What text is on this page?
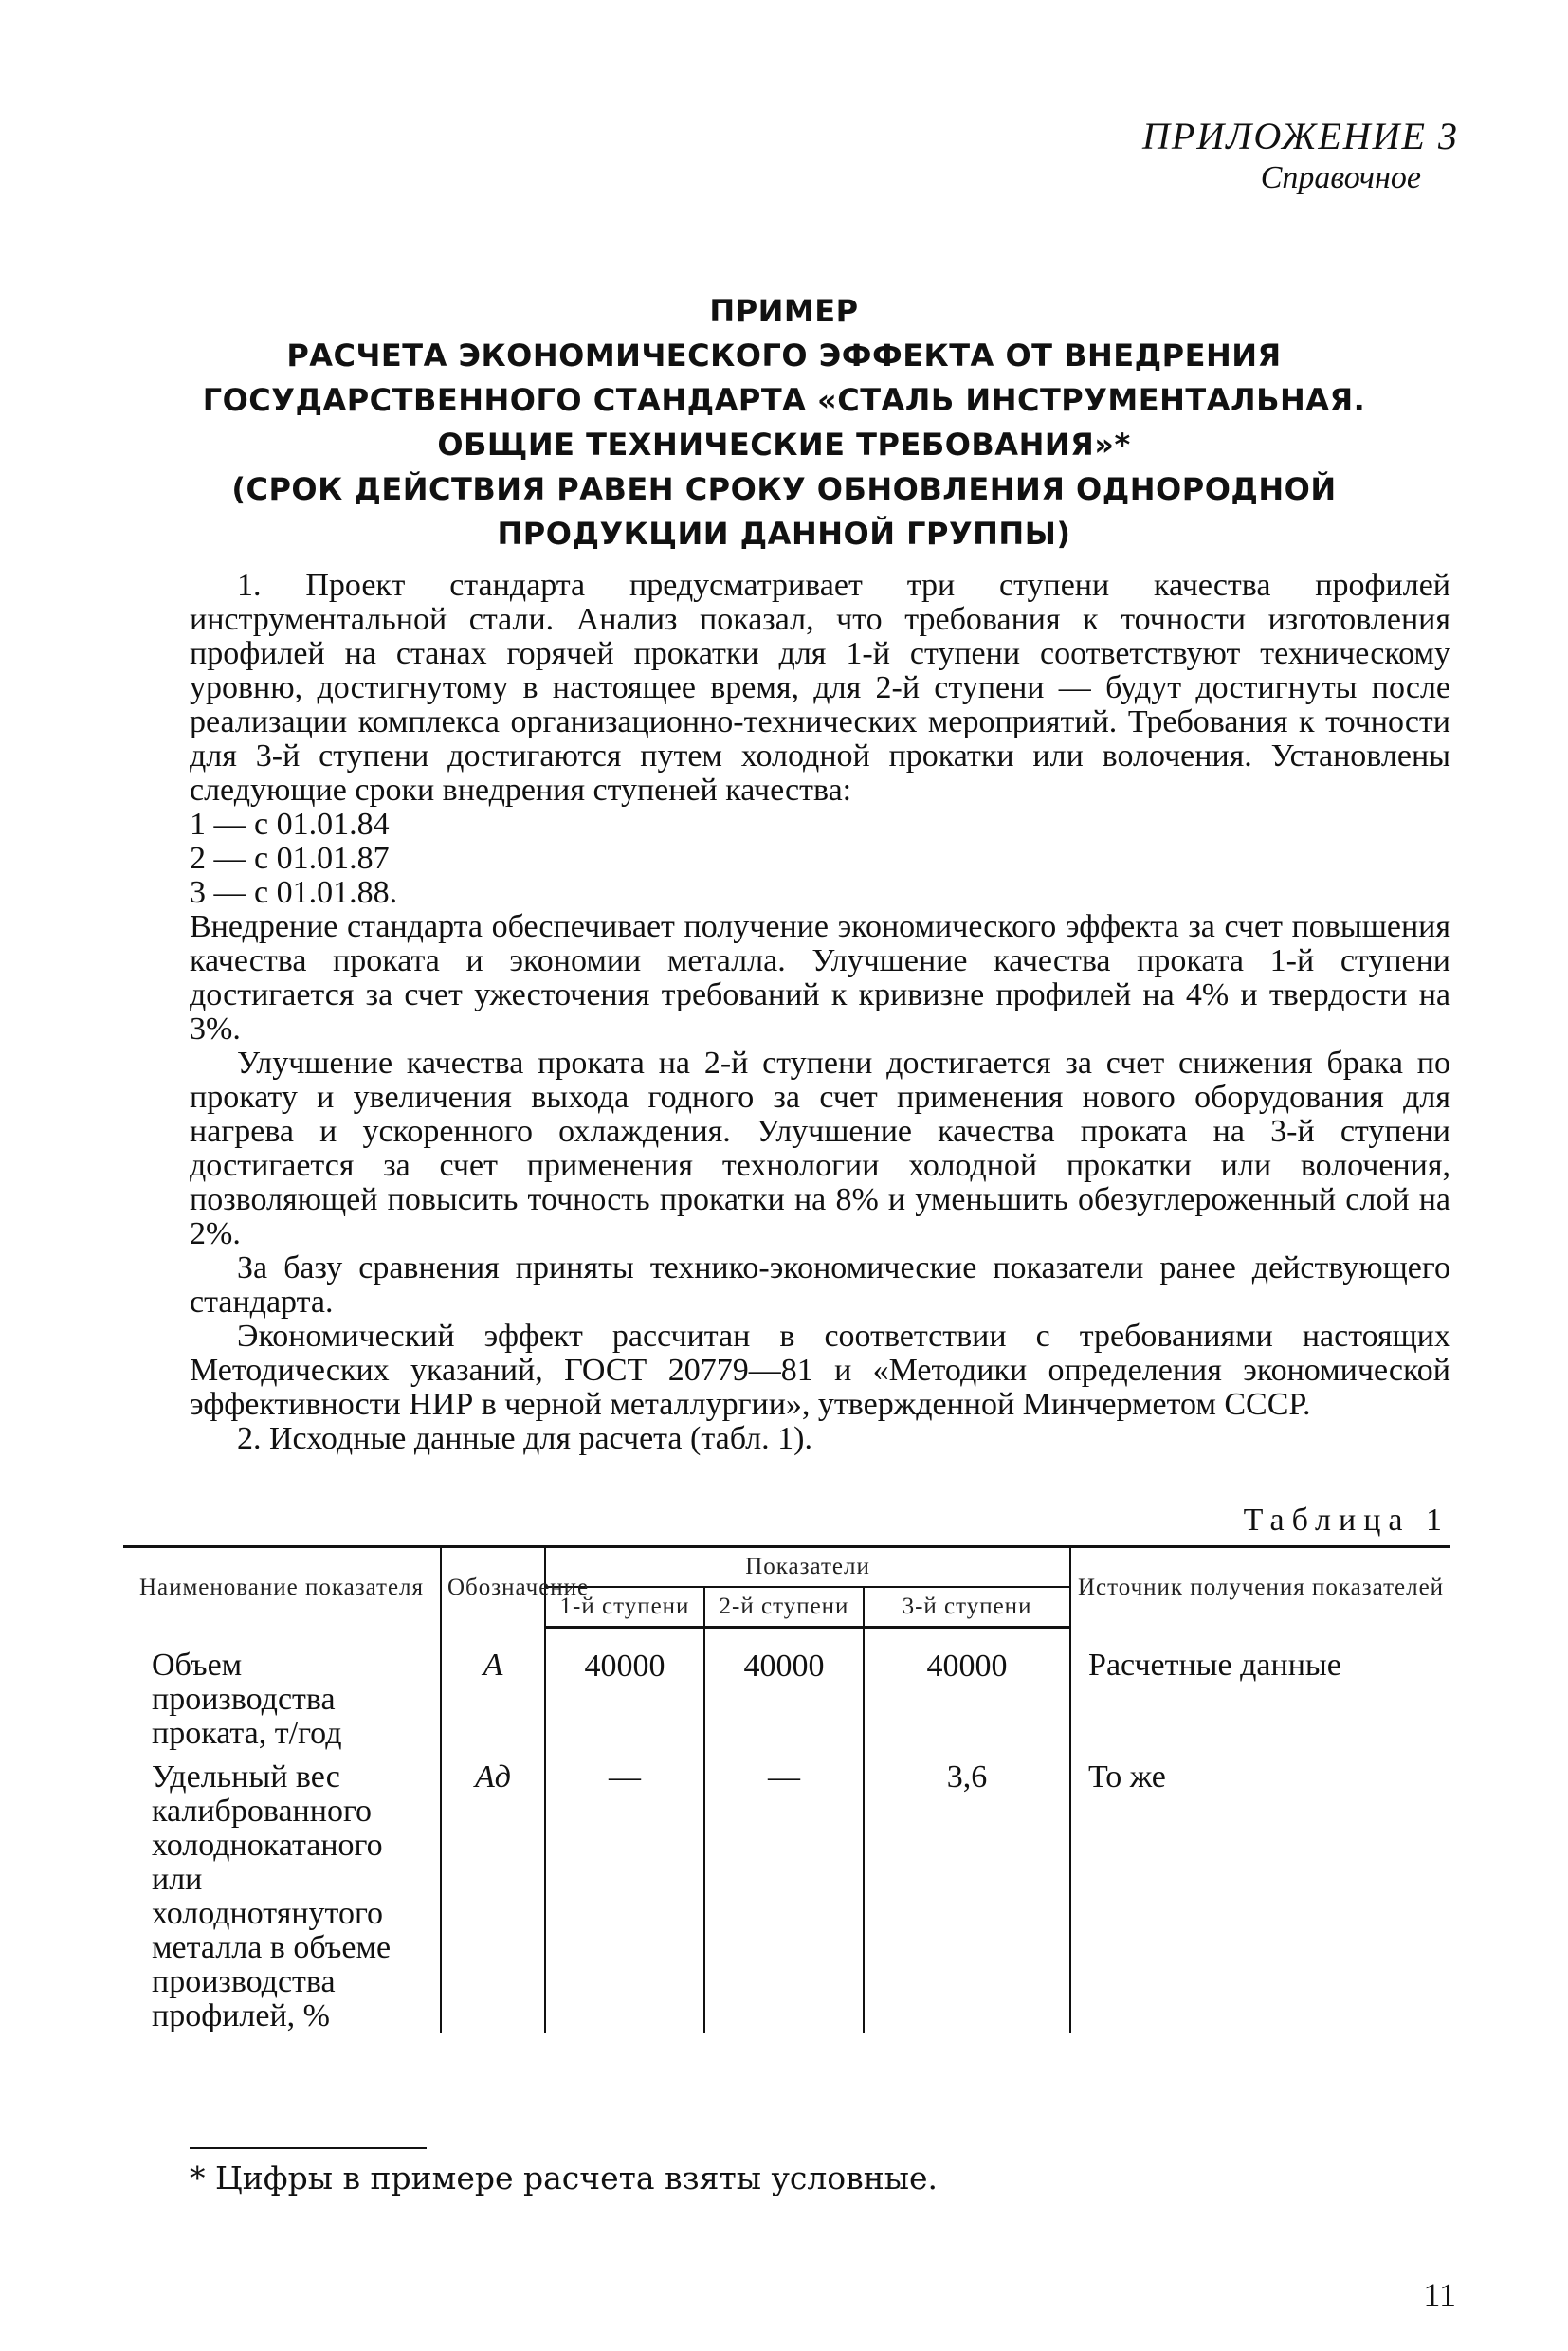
ПРИЛОЖЕНИЕ 3
Справочное
ПРИМЕР
РАСЧЕТА ЭКОНОМИЧЕСКОГО ЭФФЕКТА ОТ ВНЕДРЕНИЯ
ГОСУДАРСТВЕННОГО СТАНДАРТА «СТАЛЬ ИНСТРУМЕНТАЛЬНАЯ.
ОБЩИЕ ТЕХНИЧЕСКИЕ ТРЕБОВАНИЯ»*
(СРОК ДЕЙСТВИЯ РАВЕН СРОКУ ОБНОВЛЕНИЯ ОДНОРОДНОЙ
ПРОДУКЦИИ ДАННОЙ ГРУППЫ)

1. Проект стандарта предусматривает три ступени качества профилей инструментальной стали. Анализ показал, что требования к точности изготовления профилей на станах горячей прокатки для 1-й ступени соответствуют техническому уровню, достигнутому в настоящее время, для 2-й ступени — будут достигнуты после реализации комплекса организационно-технических мероприятий. Требования к точности для 3-й ступени достигаются путем холодной прокатки или волочения. Установлены следующие сроки внедрения ступеней качества:

1 — с 01.01.84
2 — с 01.01.87
3 — с 01.01.88.

Внедрение стандарта обеспечивает получение экономического эффекта за счет повышения качества проката и экономии металла. Улучшение качества проката 1-й ступени достигается за счет ужесточения требований к кривизне профилей на 4% и твердости на 3%.

Улучшение качества проката на 2-й ступени достигается за счет снижения брака по прокату и увеличения выхода годного за счет применения нового оборудования для нагрева и ускоренного охлаждения. Улучшение качества проката на 3-й ступени достигается за счет применения технологии холодной прокатки или волочения, позволяющей повысить точность прокатки на 8% и уменьшить обезуглероженный слой на 2%.

За базу сравнения приняты технико-экономические показатели ранее действующего стандарта.

Экономический эффект рассчитан в соответствии с требованиями настоящих Методических указаний, ГОСТ 20779—81 и «Методики определения экономической эффективности НИР в черной металлургии», утвержденной Минчерметом СССР.

2. Исходные данные для расчета (табл. 1).

Таблица 1
Наименование показателя	Обозначение	Показатели			Источник получения показателей
		1-й ступени	2-й ступени	3-й ступени	
Объем производства проката, т/год	A	40000	40000	40000	Расчетные данные
Удельный вес калиброванного холоднокатаного или холоднотянутого металла в объеме производства профилей, %	Aд	—	—	3,6	То же
* Цифры в примере расчета взяты условные.
11
